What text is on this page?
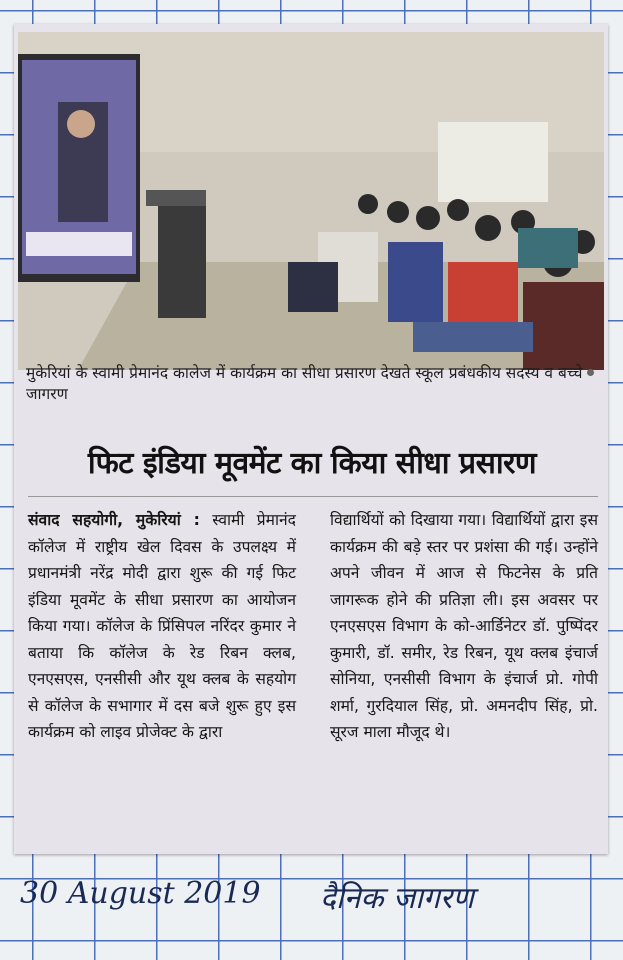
मुकेरियां के स्वामी प्रेमानंद कालेज में कार्यक्रम का सीधा प्रसारण देखते स्कूल प्रबंधकीय सदस्य व बच्चेजागरण
फिट इंडिया मूवमेंट का किया सीधा प्रसारण
संवाद सहयोगी, मुकेरियां : स्वामी प्रेमानंद कॉलेज में राष्ट्रीय खेल दिवस के उपलक्ष्य में प्रधानमंत्री नरेंद्र मोदी द्वारा शुरू की गई फिट इंडिया मूवमेंट के सीधा प्रसारण का आयोजन किया गया। कॉलेज के प्रिंसिपल नरिंदर कुमार ने बताया कि कॉलेज के रेड रिबन क्लब, एनएसएस, एनसीसी और यूथ क्लब के सहयोग से कॉलेज के सभागार में दस बजे शुरू हुए इस कार्यक्रम को लाइव प्रोजेक्ट के द्वारा
विद्यार्थियों को दिखाया गया। विद्यार्थियों द्वारा इस कार्यक्रम की बड़े स्तर पर प्रशंसा की गई। उन्होंने अपने जीवन में आज से फिटनेस के प्रति जागरूक होने की प्रतिज्ञा ली। इस अवसर पर एनएसएस विभाग के को-आर्डिनेटर डॉ. पुष्पिंदर कुमारी, डॉ. समीर, रेड रिबन, यूथ क्लब इंचार्ज सोनिया, एनसीसी विभाग के इंचार्ज प्रो. गोपी शर्मा, गुरदियाल सिंह, प्रो. अमनदीप सिंह, प्रो. सूरज माला मौजूद थे।
30 August 2019 दैनिक जागरण
